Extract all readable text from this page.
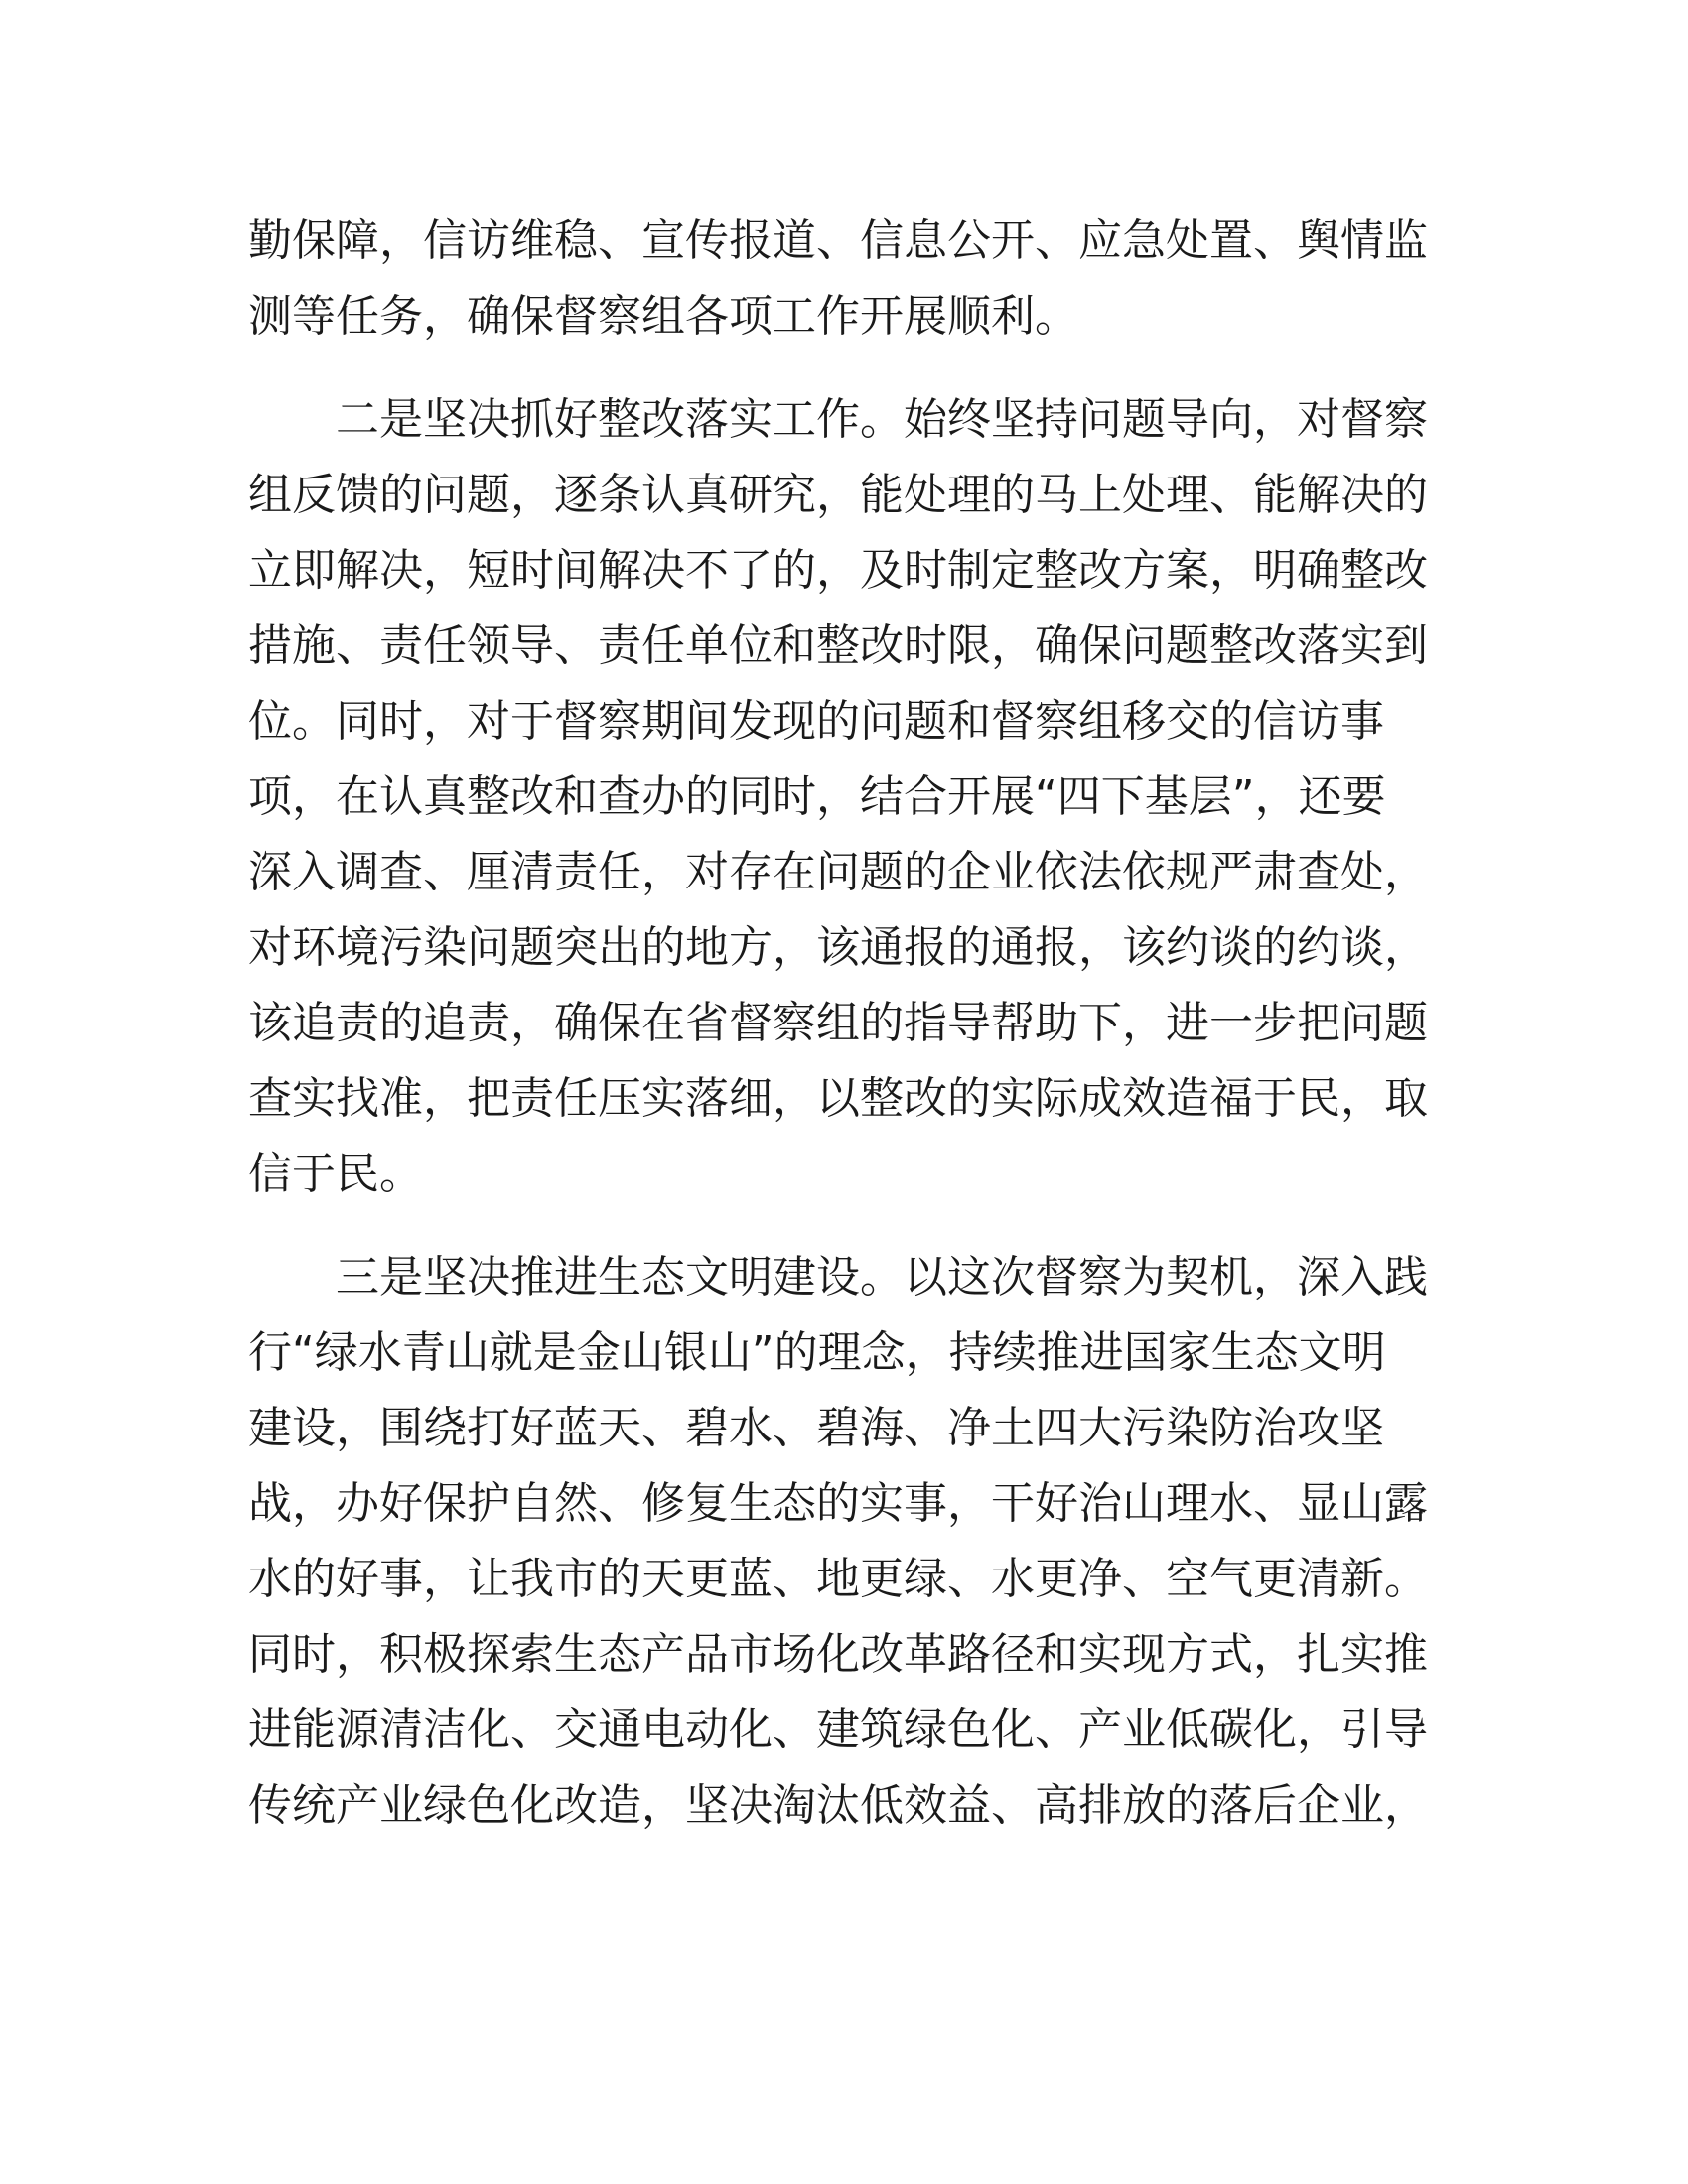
勤保障，信访维稳、宣传报道、信息公开、应急处置、舆情监
测等任务，确保督察组各项工作开展顺利。
二是坚决抓好整改落实工作。始终坚持问题导向，对督察
组反馈的问题，逐条认真研究，能处理的马上处理、能解决的
立即解决，短时间解决不了的，及时制定整改方案，明确整改
措施、责任领导、责任单位和整改时限，确保问题整改落实到
位。同时，对于督察期间发现的问题和督察组移交的信访事
项，在认真整改和查办的同时，结合开展“四下基层”，还要
深入调查、厘清责任，对存在问题的企业依法依规严肃查处，
对环境污染问题突出的地方，该通报的通报，该约谈的约谈，
该追责的追责，确保在省督察组的指导帮助下，进一步把问题
查实找准，把责任压实落细，以整改的实际成效造福于民，取
信于民。
三是坚决推进生态文明建设。以这次督察为契机，深入践
行“绿水青山就是金山银山”的理念，持续推进国家生态文明
建设，围绕打好蓝天、碧水、碧海、净土四大污染防治攻坚
战，办好保护自然、修复生态的实事，干好治山理水、显山露
水的好事，让我市的天更蓝、地更绿、水更净、空气更清新。
同时，积极探索生态产品市场化改革路径和实现方式，扎实推
进能源清洁化、交通电动化、建筑绿色化、产业低碳化，引导
传统产业绿色化改造，坚决淘汰低效益、高排放的落后企业，
